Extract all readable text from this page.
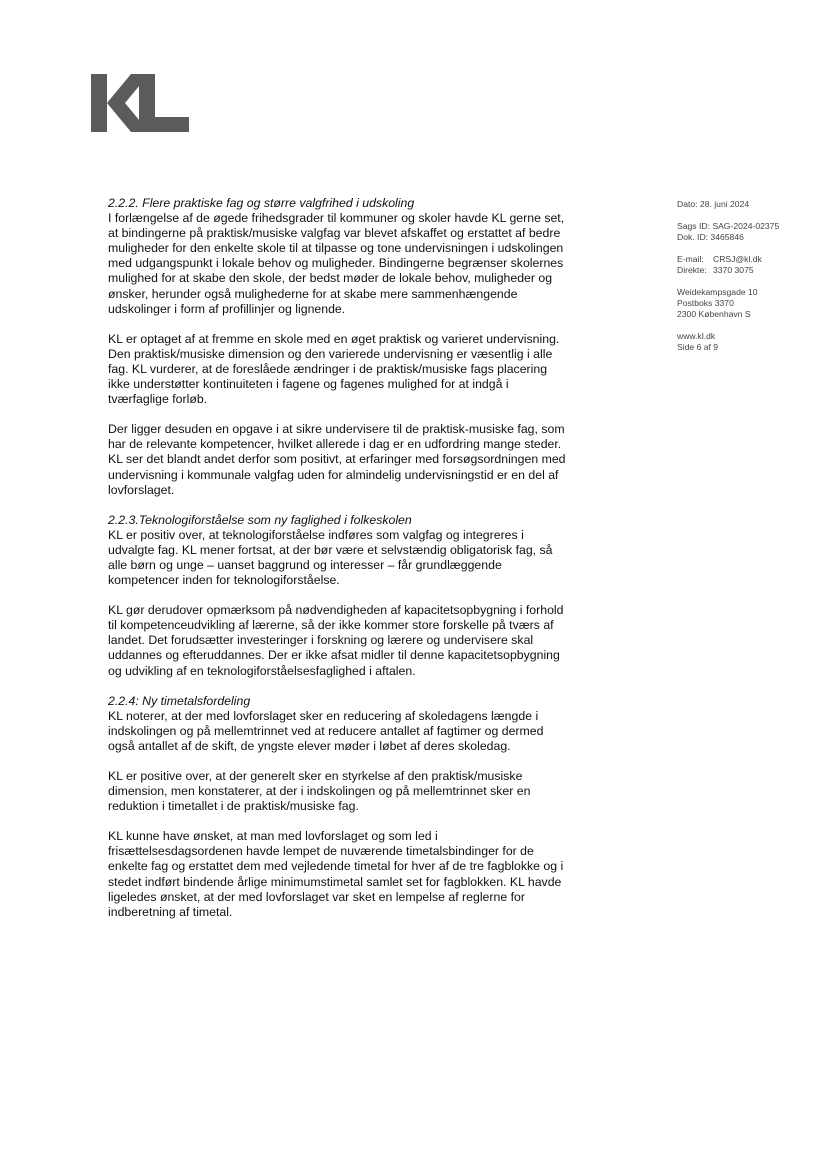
Dato: 28. juni 2024
Sags ID: SAG-2024-02375
Dok. ID: 3465846
E-mail:	CRSJ@kl.dk
Direkte: 3370 3075
Weidekampsgade 10
Postboks 3370
2300 København S
www.kl.dk
Side 6 af 9
2.2.2. Flere praktiske fag og større valgfrihed i udskoling

I forlængelse af de øgede frihedsgrader til kommuner og skoler havde KL gerne set, at bindingerne på praktisk/musiske valgfag var blevet afskaffet og erstattet af bedre muligheder for den enkelte skole til at tilpasse og tone undervisningen i udskolingen med udgangspunkt i lokale behov og muligheder. Bindingerne begrænser skolernes mulighed for at skabe den skole, der bedst møder de lokale behov, muligheder og ønsker, herunder også mulighederne for at skabe mere sammenhængende udskolinger i form af profillinjer og lignende.

KL er optaget af at fremme en skole med en øget praktisk og varieret undervisning. Den praktisk/musiske dimension og den varierede undervisning er væsentlig i alle fag. KL vurderer, at de foreslåede ændringer i de praktisk/musiske fags placering ikke understøtter kontinuiteten i fagene og fagenes mulighed for at indgå i tværfaglige forløb.

Der ligger desuden en opgave i at sikre undervisere til de praktisk-musiske fag, som har de relevante kompetencer, hvilket allerede i dag er en udfordring mange steder. KL ser det blandt andet derfor som positivt, at erfaringer med forsøgsordningen med undervisning i kommunale valgfag uden for almindelig undervisningstid er en del af lovforslaget.

2.2.3.Teknologiforståelse som ny faglighed i folkeskolen

KL er positiv over, at teknologiforståelse indføres som valgfag og integreres i udvalgte fag. KL mener fortsat, at der bør være et selvstændig obligatorisk fag, så alle børn og unge – uanset baggrund og interesser – får grundlæggende kompetencer inden for teknologiforståelse.

KL gør derudover opmærksom på nødvendigheden af kapacitetsopbygning i forhold til kompetenceudvikling af lærerne, så der ikke kommer store forskelle på tværs af landet. Det forudsætter investeringer i forskning og lærere og undervisere skal uddannes og efteruddannes. Der er ikke afsat midler til denne kapacitetsopbygning og udvikling af en teknologiforståelsesfaglighed i aftalen.

2.2.4: Ny timetalsfordeling

KL noterer, at der med lovforslaget sker en reducering af skoledagens længde i indskolingen og på mellemtrinnet ved at reducere antallet af fagtimer og dermed også antallet af de skift, de yngste elever møder i løbet af deres skoledag.

KL er positive over, at der generelt sker en styrkelse af den praktisk/musiske dimension, men konstaterer, at der i indskolingen og på mellemtrinnet sker en reduktion i timetallet i de praktisk/musiske fag.

KL kunne have ønsket, at man med lovforslaget og som led i frisættelsesdagsordenen havde lempet de nuværende timetalsbindinger for de enkelte fag og erstattet dem med vejledende timetal for hver af de tre fagblokke og i stedet indført bindende årlige minimumstimetal samlet set for fagblokken. KL havde ligeledes ønsket, at der med lovforslaget var sket en lempelse af reglerne for indberetning af timetal.
